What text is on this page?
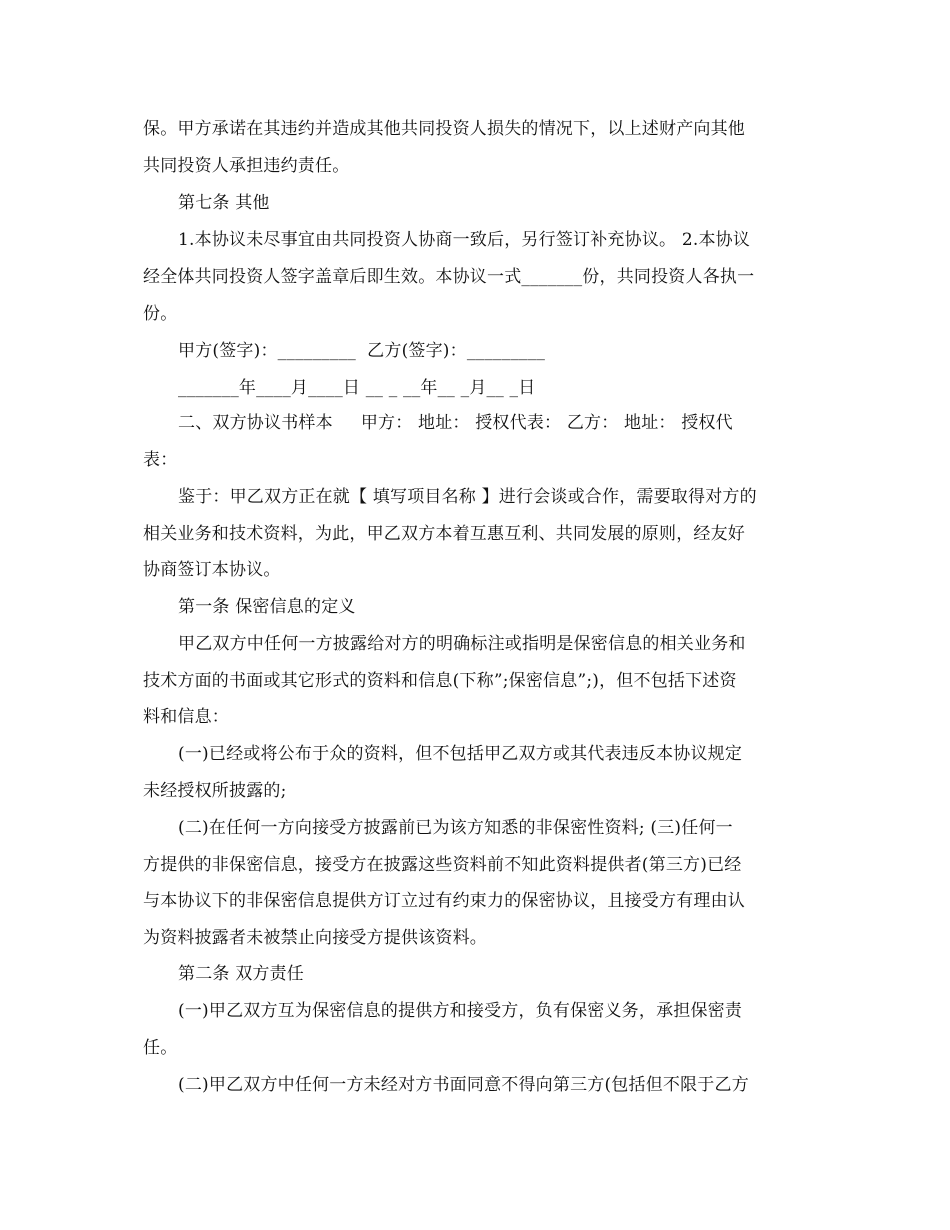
保。甲方承诺在其违约并造成其他共同投资人损失的情况下，以上述财产向其他
共同投资人承担违约责任。
第七条 其他
1.本协议未尽事宜由共同投资人协商一致后，另行签订补充协议。 2.本协议
经全体共同投资人签字盖章后即生效。本协议一式_______份，共同投资人各执一
份。
甲方(签字)：_________  乙方(签字)：_________
_______年____月____日 __ _ __年__ _月__ _日
二、双方协议书样本     甲方： 地址： 授权代表： 乙方： 地址： 授权代
表：
鉴于：甲乙双方正在就【 填写项目名称 】进行会谈或合作，需要取得对方的
相关业务和技术资料，为此，甲乙双方本着互惠互利、共同发展的原则，经友好
协商签订本协议。
第一条 保密信息的定义
甲乙双方中任何一方披露给对方的明确标注或指明是保密信息的相关业务和
技术方面的书面或其它形式的资料和信息(下称”;保密信息”;)，但不包括下述资
料和信息：
(一)已经或将公布于众的资料，但不包括甲乙双方或其代表违反本协议规定
未经授权所披露的;
(二)在任何一方向接受方披露前已为该方知悉的非保密性资料; (三)任何一
方提供的非保密信息，接受方在披露这些资料前不知此资料提供者(第三方)已经
与本协议下的非保密信息提供方订立过有约束力的保密协议，且接受方有理由认
为资料披露者未被禁止向接受方提供该资料。
第二条 双方责任
(一)甲乙双方互为保密信息的提供方和接受方，负有保密义务，承担保密责
任。
(二)甲乙双方中任何一方未经对方书面同意不得向第三方(包括但不限于乙方
